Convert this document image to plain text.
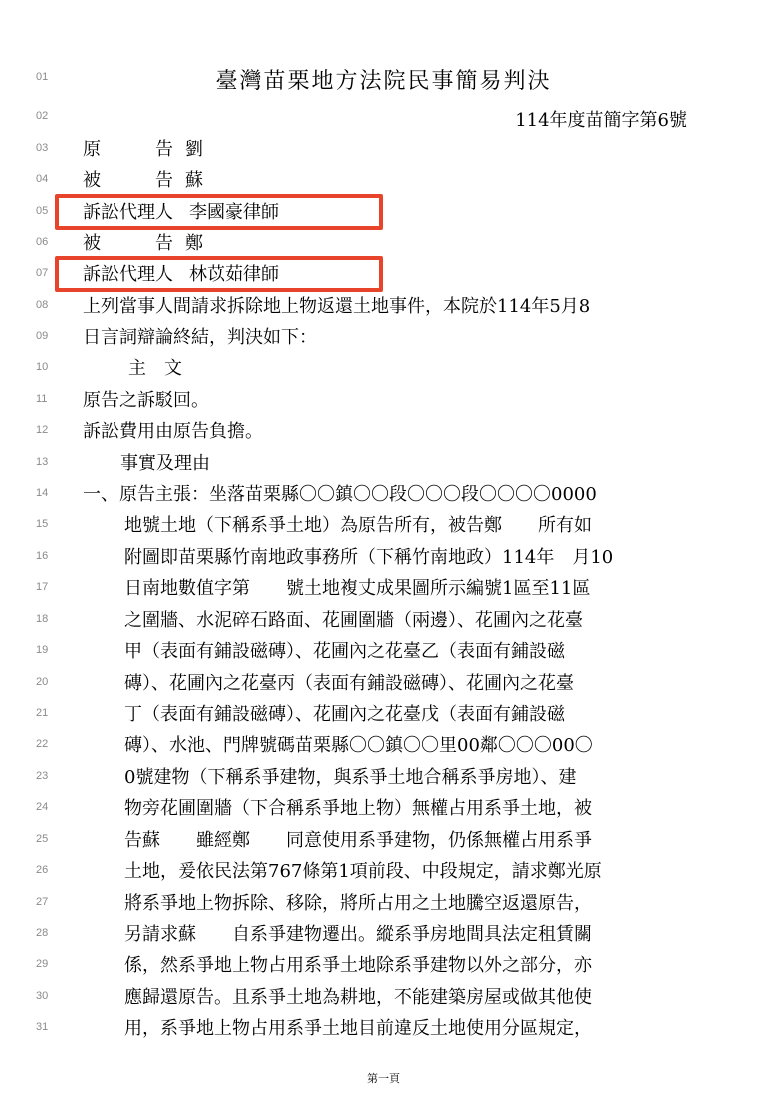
01
02
03
04
05
06
07
08
09
10
11
12
13
14
15
16
17
18
19
20
21
22
23
24
25
26
27
28
29
30
31
臺灣苗栗地方法院民事簡易判決
114年度苗簡字第6號
原　　　告 劉
被　　　告 蘇
訴訟代理人 李國豪律師
被　　　告 鄭
訴訟代理人 林苡茹律師
上列當事人間請求拆除地上物返還土地事件，本院於114年5月8
日言詞辯論終結，判決如下：
主　文
原告之訴駁回。
訴訟費用由原告負擔。
事實及理由
一、原告主張：坐落苗栗縣〇〇鎮〇〇段〇〇〇段〇〇〇〇0000
地號土地（下稱系爭土地）為原告所有，被告鄭　　所有如
附圖即苗栗縣竹南地政事務所（下稱竹南地政）114年　月10
日南地數值字第　　號土地複丈成果圖所示編號1區至11區
之圍牆、水泥碎石路面、花圃圍牆（兩邊）、花圃內之花臺
甲（表面有鋪設磁磚）、花圃內之花臺乙（表面有鋪設磁
磚）、花圃內之花臺丙（表面有鋪設磁磚）、花圃內之花臺
丁（表面有鋪設磁磚）、花圃內之花臺戊（表面有鋪設磁
磚）、水池、門牌號碼苗栗縣〇〇鎮〇〇里00鄰〇〇〇00〇
0號建物（下稱系爭建物，與系爭土地合稱系爭房地）、建
物旁花圃圍牆（下合稱系爭地上物）無權占用系爭土地，被
告蘇　　雖經鄭　　同意使用系爭建物，仍係無權占用系爭
土地，爰依民法第767條第1項前段、中段規定，請求鄭光原
將系爭地上物拆除、移除，將所占用之土地騰空返還原告，
另請求蘇　　自系爭建物遷出。縱系爭房地間具法定租賃關
係，然系爭地上物占用系爭土地除系爭建物以外之部分，亦
應歸還原告。且系爭土地為耕地，不能建築房屋或做其他使
用，系爭地上物占用系爭土地目前違反土地使用分區規定，
第一頁
